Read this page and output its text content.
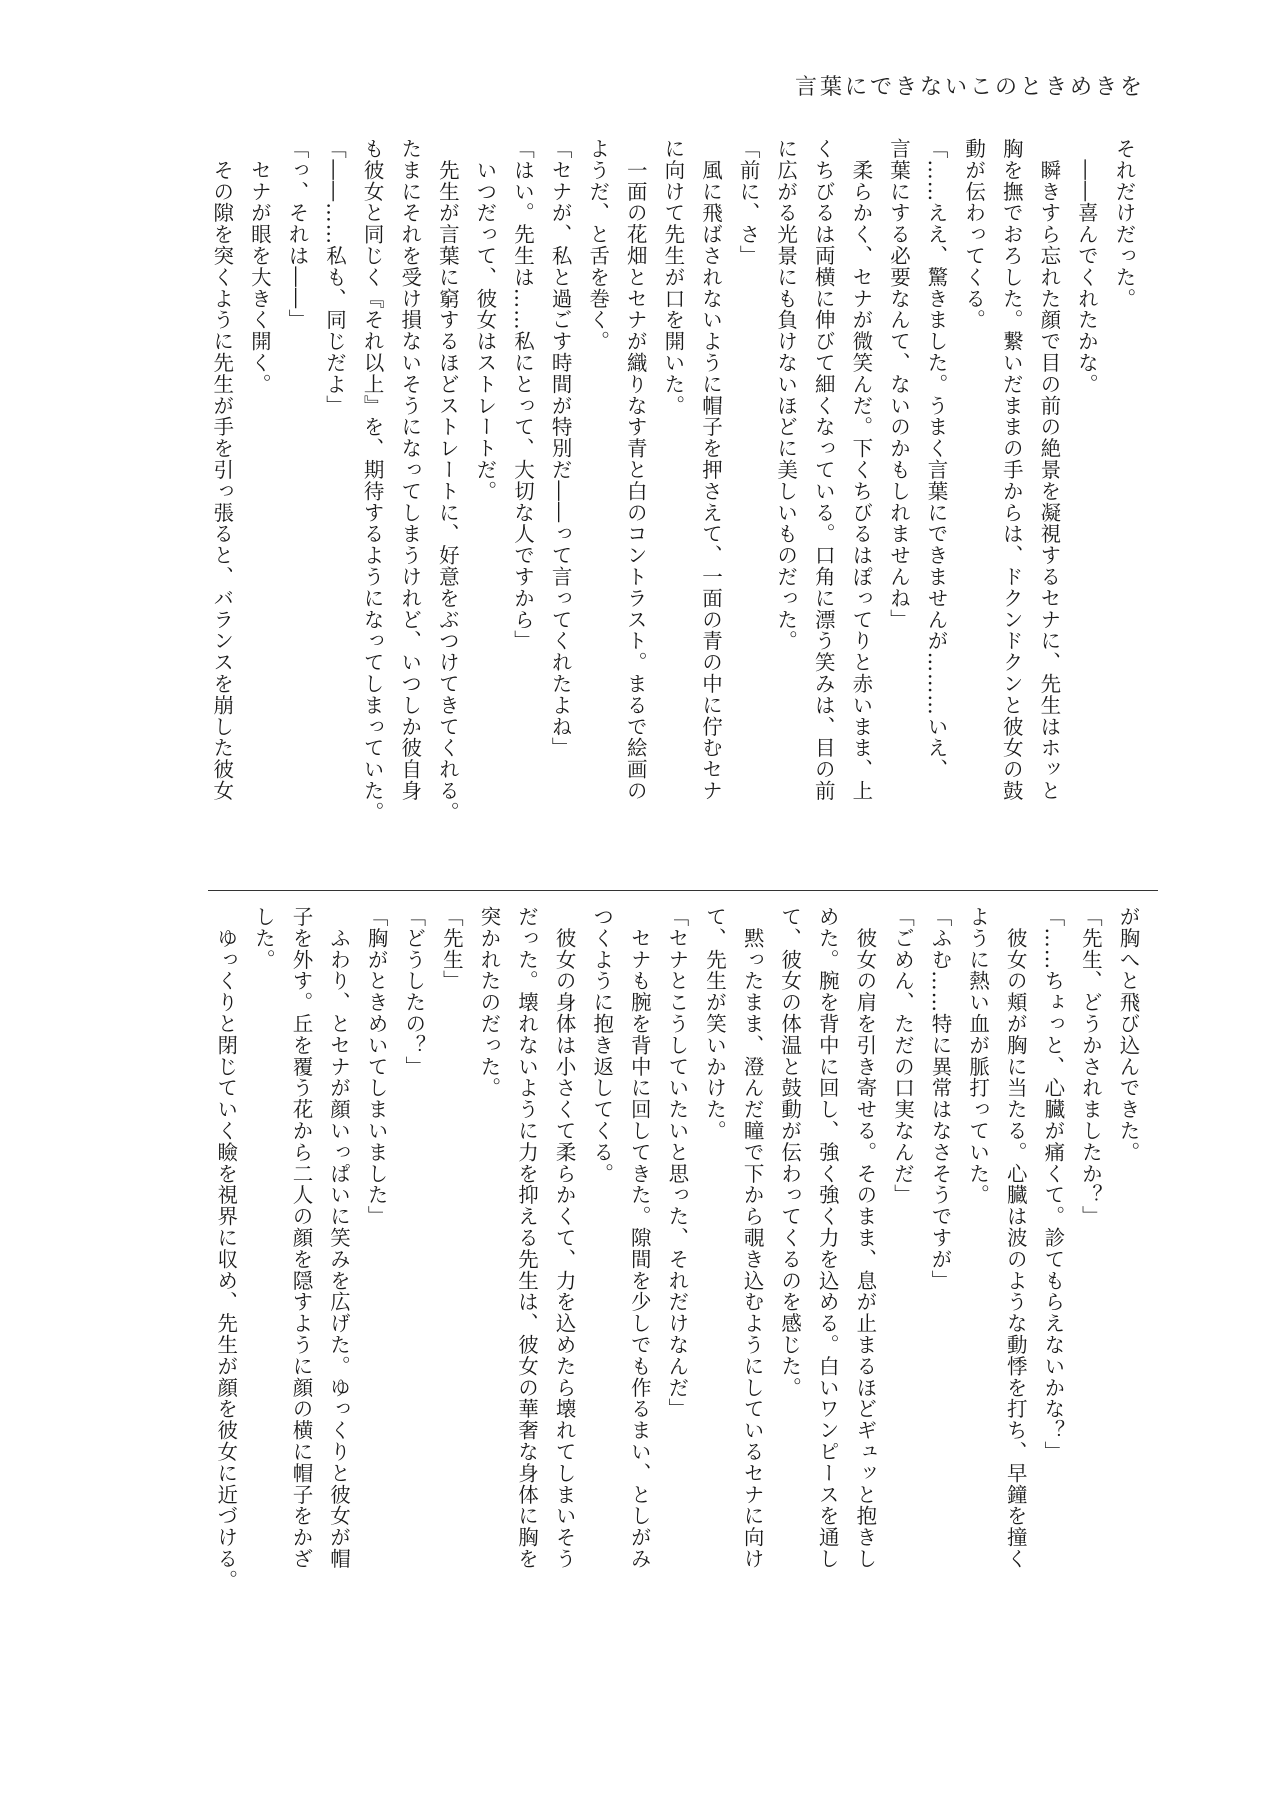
言葉にできないこのときめきを
それだけだった。
　――喜んでくれたかな。
　瞬きすら忘れた顔で目の前の絶景を凝視するセナに、先生はホッと
胸を撫でおろした。繋いだままの手からは、ドクンドクンと彼女の鼓
動が伝わってくる。
「……ええ、驚きました。うまく言葉にできませんが………いえ、
言葉にする必要なんて、ないのかもしれませんね」
　柔らかく、セナが微笑んだ。下くちびるはぽってりと赤いまま、上
くちびるは両横に伸びて細くなっている。口角に漂う笑みは、目の前
に広がる光景にも負けないほどに美しいものだった。
「前に、さ」
　風に飛ばされないように帽子を押さえて、一面の青の中に佇むセナ
に向けて先生が口を開いた。
　一面の花畑とセナが織りなす青と白のコントラスト。まるで絵画の
ようだ、と舌を巻く。
「セナが、私と過ごす時間が特別だ――って言ってくれたよね」
「はい。先生は……私にとって、大切な人ですから」
　いつだって、彼女はストレートだ。
　先生が言葉に窮するほどストレートに、好意をぶつけてきてくれる。
たまにそれを受け損ないそうになってしまうけれど、いつしか彼自身
も彼女と同じく『それ以上』を、期待するようになってしまっていた。
「――……私も、同じだよ」
「っ、それは――」
　セナが眼を大きく開く。
　その隙を突くように先生が手を引っ張ると、バランスを崩した彼女
が胸へと飛び込んできた。
「先生、どうかされましたか？」
「……ちょっと、心臓が痛くて。診てもらえないかな？」
　彼女の頬が胸に当たる。心臓は波のような動悸を打ち、早鐘を撞く
ように熱い血が脈打っていた。
「ふむ……特に異常はなさそうですが」
「ごめん、ただの口実なんだ」
　彼女の肩を引き寄せる。そのまま、息が止まるほどギュッと抱きし
めた。腕を背中に回し、強く強く力を込める。白いワンピースを通し
て、彼女の体温と鼓動が伝わってくるのを感じた。
　黙ったまま、澄んだ瞳で下から覗き込むようにしているセナに向け
て、先生が笑いかけた。
「セナとこうしていたいと思った、それだけなんだ」
　セナも腕を背中に回してきた。隙間を少しでも作るまい、としがみ
つくように抱き返してくる。
　彼女の身体は小さくて柔らかくて、力を込めたら壊れてしまいそう
だった。壊れないように力を抑える先生は、彼女の華奢な身体に胸を
突かれたのだった。
「先生」
「どうしたの？」
「胸がときめいてしまいました」
　ふわり、とセナが顔いっぱいに笑みを広げた。ゆっくりと彼女が帽
子を外す。丘を覆う花から二人の顔を隠すように顔の横に帽子をかざ
した。
　ゆっくりと閉じていく瞼を視界に収め、先生が顔を彼女に近づける。
